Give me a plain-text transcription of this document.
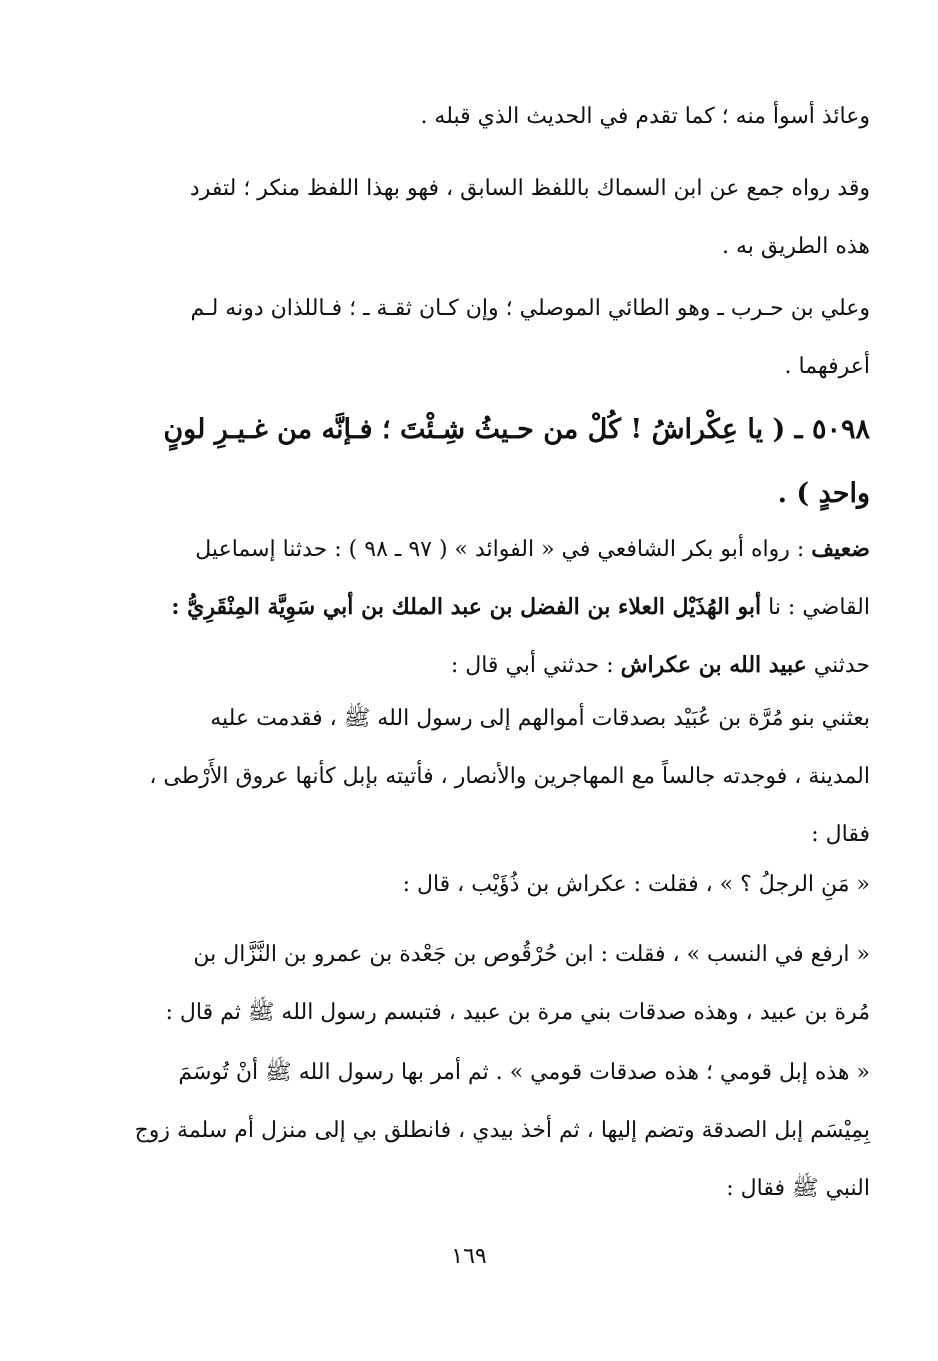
وعائذ أسوأ منه ؛ كما تقدم في الحديث الذي قبله .
وقد رواه جمع عن ابن السماك باللفظ السابق ، فهو بهذا اللفظ منكر ؛ لتفرد
هذه الطريق به .
وعلي بن حـرب ـ وهو الطائي الموصلي ؛ وإن كـان ثقـة ـ ؛ فـاللذان دونه لـم
أعرفهما .
٥٠٩٨ ـ ( يا عِكْراشُ ! كُلْ من حـيثُ شِـئْتَ ؛ فـإنَّه من غـيـرِ لونٍ
واحدٍ ) .
ضعيف : رواه أبو بكر الشافعي في « الفوائد » ( ٩٧ ـ ٩٨ ) : حدثنا إسماعيل
القاضي : نا أبو الهُذَيْل العلاء بن الفضل بن عبد الملك بن أبي سَوِيَّة المِنْقَرِيُّ :
حدثني عبيد الله بن عكراش : حدثني أبي قال :
بعثني بنو مُرَّة بن عُبَيْد بصدقات أموالهم إلى رسول الله ﷺ ، فقدمت عليه
المدينة ، فوجدته جالساً مع المهاجرين والأنصار ، فأتيته بإبل كأنها عروق الأَرْطى ،
فقال :
« مَنِ الرجلُ ؟ » ، فقلت : عكراش بن ذُؤَيْب ، قال :
« ارفع في النسب » ، فقلت : ابن حُرْقُوص بن جَعْدة بن عمرو بن النَّزَّال بن
مُرة بن عبيد ، وهذه صدقات بني مرة بن عبيد ، فتبسم رسول الله ﷺ ثم قال :
« هذه إبل قومي ؛ هذه صدقات قومي » . ثم أمر بها رسول الله ﷺ أنْ تُوسَمَ
بِمِيْسَم إبل الصدقة وتضم إليها ، ثم أخذ بيدي ، فانطلق بي إلى منزل أم سلمة زوج
النبي ﷺ فقال :
١٦٩
